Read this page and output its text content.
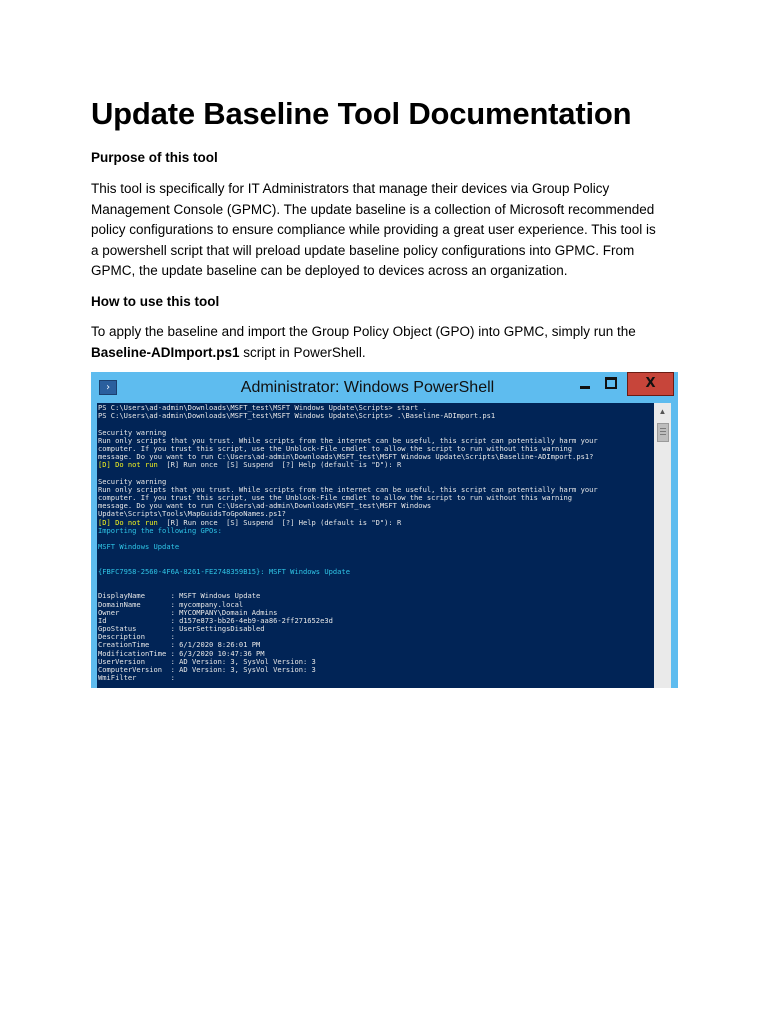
Update Baseline Tool Documentation
Purpose of this tool

This tool is specifically for IT Administrators that manage their devices via Group Policy
Management Console (GPMC). The update baseline is a collection of Microsoft recommended
policy configurations to ensure compliance while providing a great user experience. This tool is
a powershell script that will preload update baseline policy configurations into GPMC. From
GPMC, the update baseline can be deployed to devices across an organization.

How to use this tool

To apply the baseline and import the Group Policy Object (GPO) into GPMC, simply run the
Baseline-ADImport.ps1 script in PowerShell.

›	Administrator: Windows PowerShell	X
PS C:\Users\ad-admin\Downloads\MSFT_test\MSFT Windows Update\Scripts> start .
PS C:\Users\ad-admin\Downloads\MSFT_test\MSFT Windows Update\Scripts> .\Baseline-ADImport.ps1
Security warning
Run only scripts that you trust. While scripts from the internet can be useful, this script can potentially harm your
computer. If you trust this script, use the Unblock-File cmdlet to allow the script to run without this warning
message. Do you want to run C:\Users\ad-admin\Downloads\MSFT_test\MSFT Windows Update\Scripts\Baseline-ADImport.ps1?
[D] Do not run  [R] Run once  [S] Suspend  [?] Help (default is "D"): R
Security warning
Run only scripts that you trust. While scripts from the internet can be useful, this script can potentially harm your
computer. If you trust this script, use the Unblock-File cmdlet to allow the script to run without this warning
message. Do you want to run C:\Users\ad-admin\Downloads\MSFT_test\MSFT Windows
Update\Scripts\Tools\MapGuidsToGpoNames.ps1?
[D] Do not run  [R] Run once  [S] Suspend  [?] Help (default is "D"): R
Importing the following GPOs:
MSFT Windows Update
{FBFC7958-2560-4F6A-8261-FE2748359B15}: MSFT Windows Update
DisplayName      : MSFT Windows Update
DomainName       : mycompany.local
Owner            : MYCOMPANY\Domain Admins
Id               : d157e873-bb26-4eb9-aa86-2ff271652e3d
GpoStatus        : UserSettingsDisabled
Description      :
CreationTime     : 6/1/2020 8:26:01 PM
ModificationTime : 6/3/2020 10:47:36 PM
UserVersion      : AD Version: 3, SysVol Version: 3
ComputerVersion  : AD Version: 3, SysVol Version: 3
WmiFilter        :
▲
